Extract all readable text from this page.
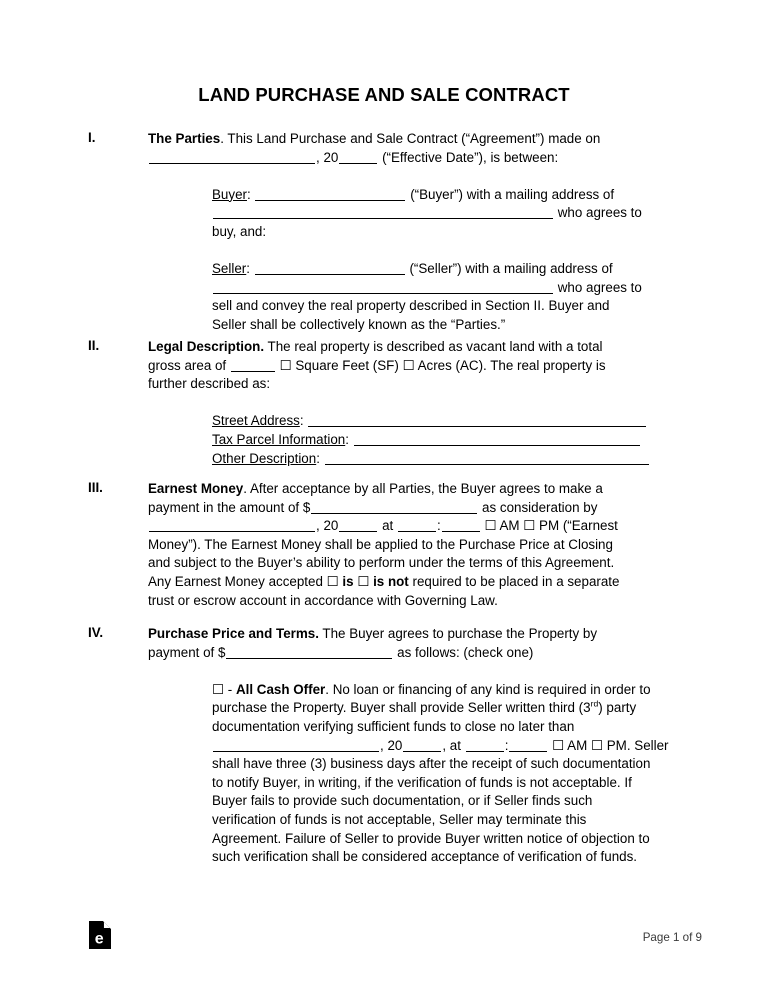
LAND PURCHASE AND SALE CONTRACT
I.	The Parties. This Land Purchase and Sale Contract (“Agreement”) made on

, 20	(“Effective Date”), is between:

Buyer:	(“Buyer”) with a mailing address of

who agrees to

buy, and:

Seller:	(“Seller”) with a mailing address of

who agrees to

sell and convey the real property described in Section II. Buyer and

Seller shall be collectively known as the “Parties.”

II.	Legal Description. The real property is described as vacant land with a total

gross area of	☐ Square Feet (SF) ☐ Acres (AC). The real property is

further described as:

Street Address:

Tax Parcel Information:

Other Description:

III.	Earnest Money. After acceptance by all Parties, the Buyer agrees to make a

payment in the amount of $	as consideration by

, 20	at	:	☐ AM ☐ PM (“Earnest

Money”). The Earnest Money shall be applied to the Purchase Price at Closing

and subject to the Buyer’s ability to perform under the terms of this Agreement.

Any Earnest Money accepted ☐ is ☐ is not required to be placed in a separate

trust or escrow account in accordance with Governing Law.

IV.	Purchase Price and Terms. The Buyer agrees to purchase the Property by

payment of $	as follows: (check one)

☐ - All Cash Offer. No loan or financing of any kind is required in order to

purchase the Property. Buyer shall provide Seller written third (3rd) party

documentation verifying sufficient funds to close no later than

, 20	, at	:	☐ AM ☐ PM. Seller

shall have three (3) business days after the receipt of such documentation

to notify Buyer, in writing, if the verification of funds is not acceptable. If

Buyer fails to provide such documentation, or if Seller finds such

verification of funds is not acceptable, Seller may terminate this

Agreement. Failure of Seller to provide Buyer written notice of objection to

such verification shall be considered acceptance of verification of funds.

e	Page 1 of 9
